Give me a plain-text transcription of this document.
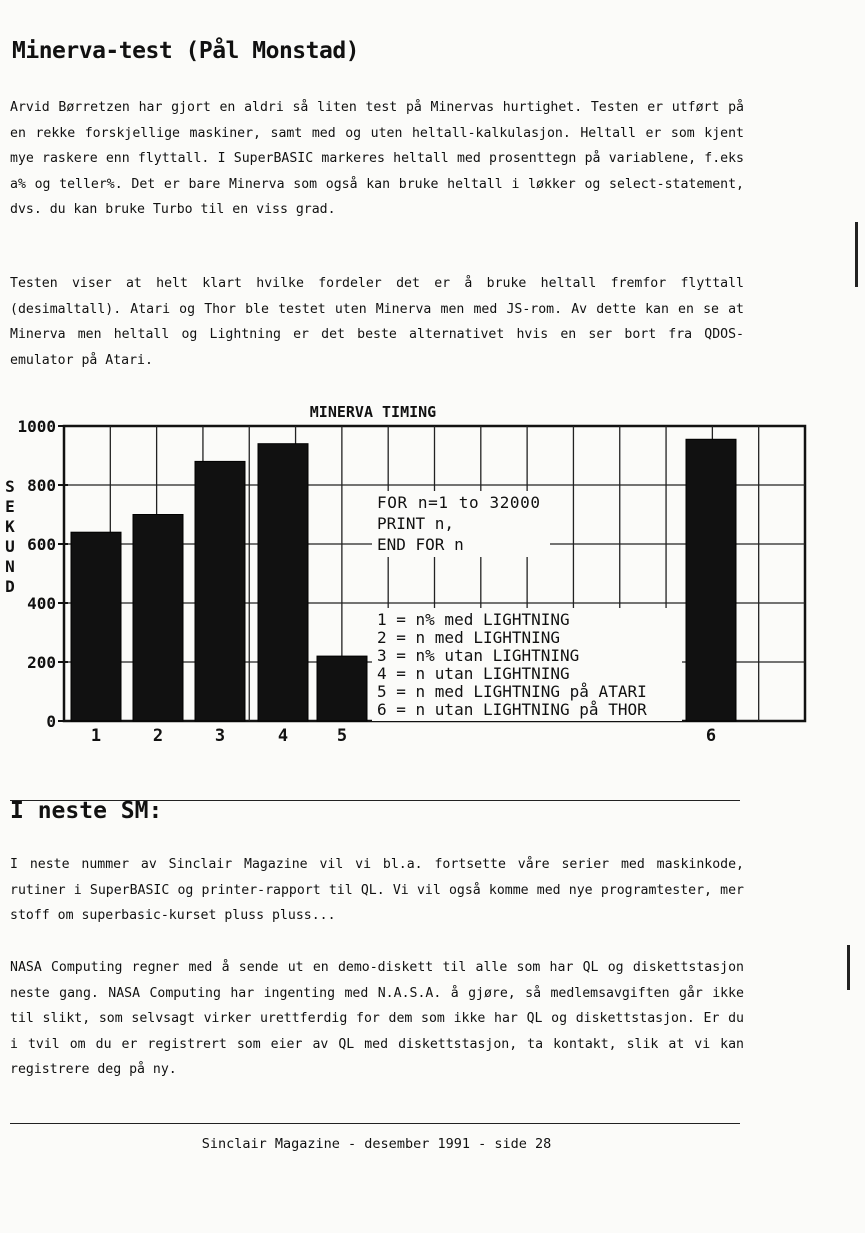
Minerva-test (Pål Monstad)

Arvid Børretzen har gjort en aldri så liten test på Minervas hurtighet. Testen er utført på en rekke forskjellige maskiner, samt med og uten heltall-kalkulasjon. Heltall er som kjent mye raskere enn flyttall. I SuperBASIC markeres heltall med prosenttegn på variablene, f.eks a% og teller%. Det er bare Minerva som også kan bruke heltall i løkker og select-statement, dvs. du kan bruke Turbo til en viss grad.

Testen viser at helt klart hvilke fordeler det er å bruke heltall fremfor flyttall (desimaltall). Atari og Thor ble testet uten Minerva men med JS-rom. Av dette kan en se at Minerva men heltall og Lightning er det beste alternativet hvis en ser bort fra QDOS-emulator på Atari.

0
200
400
600
800
1000
S
E
K
U
N
D
MINERVA TIMING
1	2	3	4	5	6
FOR n=1 to 32000
PRINT n,
END FOR n
1 = n% med LIGHTNING
2 = n med LIGHTNING
3 = n% utan LIGHTNING
4 = n utan LIGHTNING
5 = n med LIGHTNING på ATARI
6 = n utan LIGHTNING på THOR
I neste SM:

I neste nummer av Sinclair Magazine vil vi bl.a. fortsette våre serier med maskinkode, rutiner i SuperBASIC og printer-rapport til QL. Vi vil også komme med nye programtester, mer stoff om superbasic-kurset pluss pluss...

NASA Computing regner med å sende ut en demo-diskett til alle som har QL og diskettstasjon neste gang. NASA Computing har ingenting med N.A.S.A. å gjøre, så medlemsavgiften går ikke til slikt, som selvsagt virker urettferdig for dem som ikke har QL og diskettstasjon. Er du i tvil om du er registrert som eier av QL med diskettstasjon, ta kontakt, slik at vi kan registrere deg på ny.

Sinclair Magazine - desember 1991 - side 28
